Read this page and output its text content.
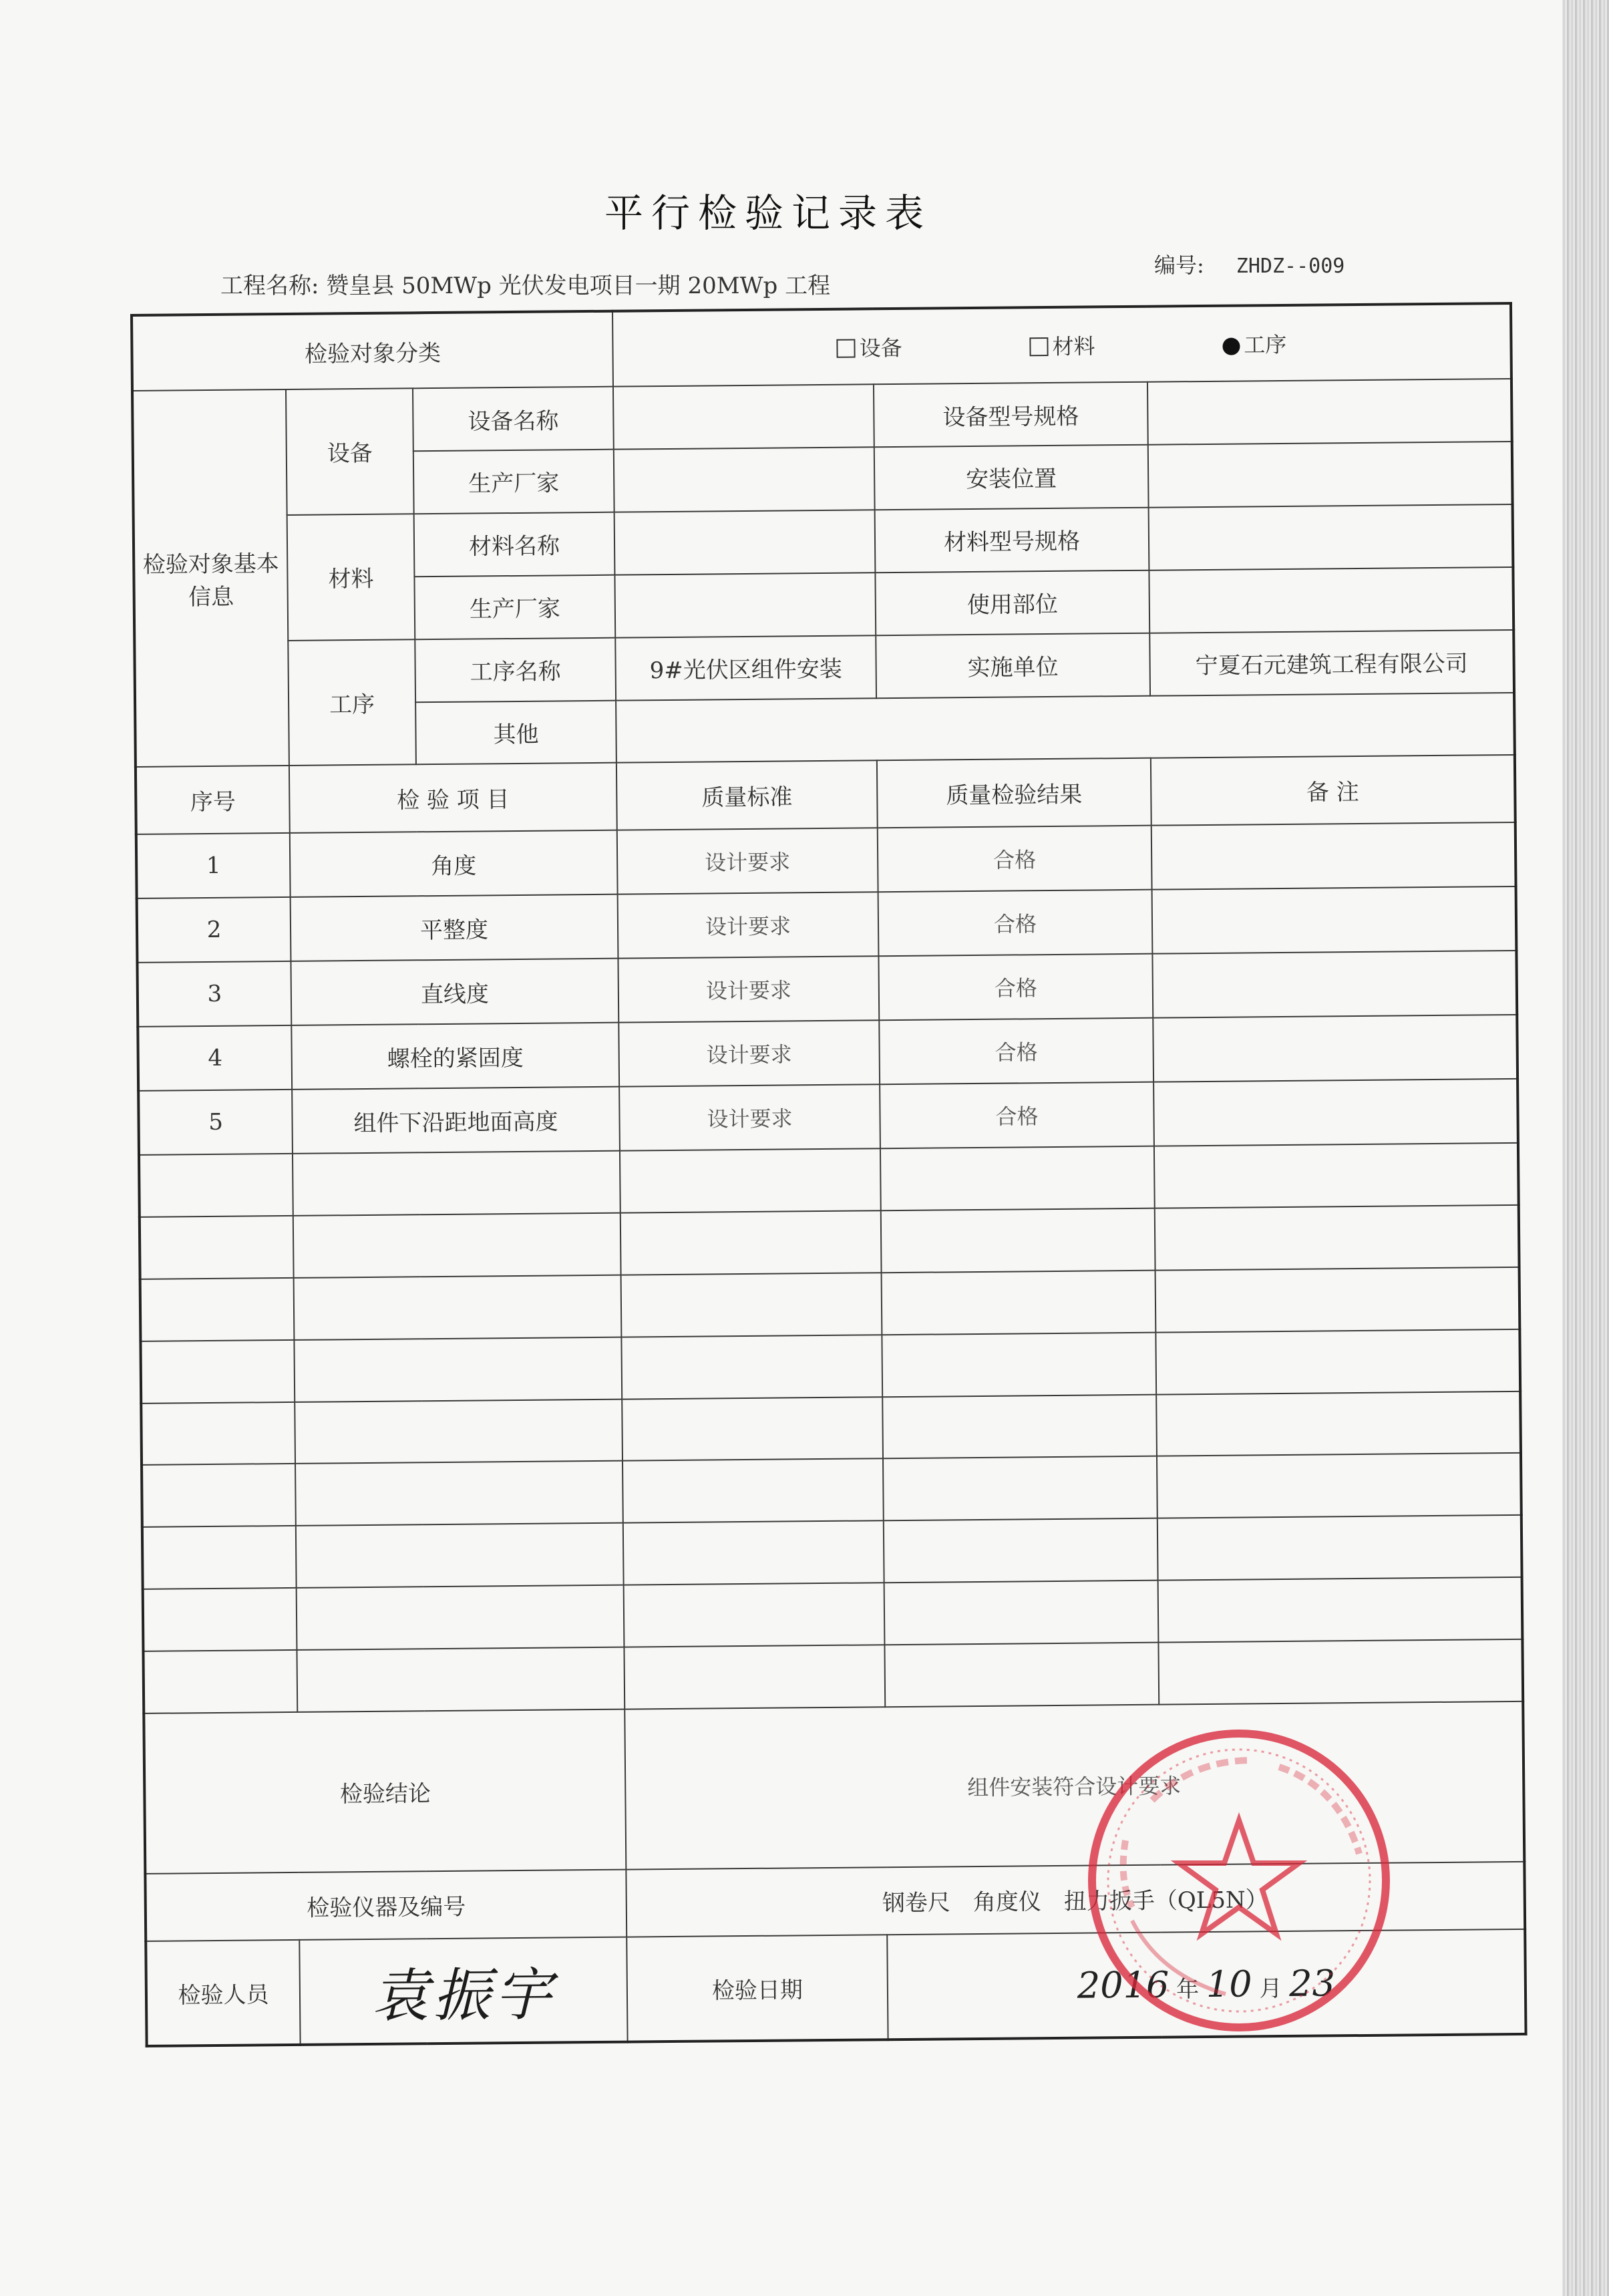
平行检验记录表
工程名称: 赞皇县 50MWp 光伏发电项目一期 20MWp 工程
编号: ZHDZ--009
检验对象分类			设备 材料 工序		
检验对象基本信息	设备	设备名称		设备型号规格	
		生产厂家		安装位置	
	材料	材料名称		材料型号规格	
		生产厂家		使用部位	
	工序	工序名称	9#光伏区组件安装	实施单位	宁夏石元建筑工程有限公司
		其他			
序号	检 验 项 目		质量标准	质量检验结果	备 注
1	角度		设计要求	合格	
2	平整度		设计要求	合格	
3	直线度		设计要求	合格	
4	螺栓的紧固度		设计要求	合格	
5	组件下沿距地面高度		设计要求	合格	

检验结论			组件安装符合设计要求		
检验仪器及编号			钢卷尺　角度仪　扭力扳手（QL5N）		
检验人员	袁振宇		检验日期	2016 年 10 月 23	
